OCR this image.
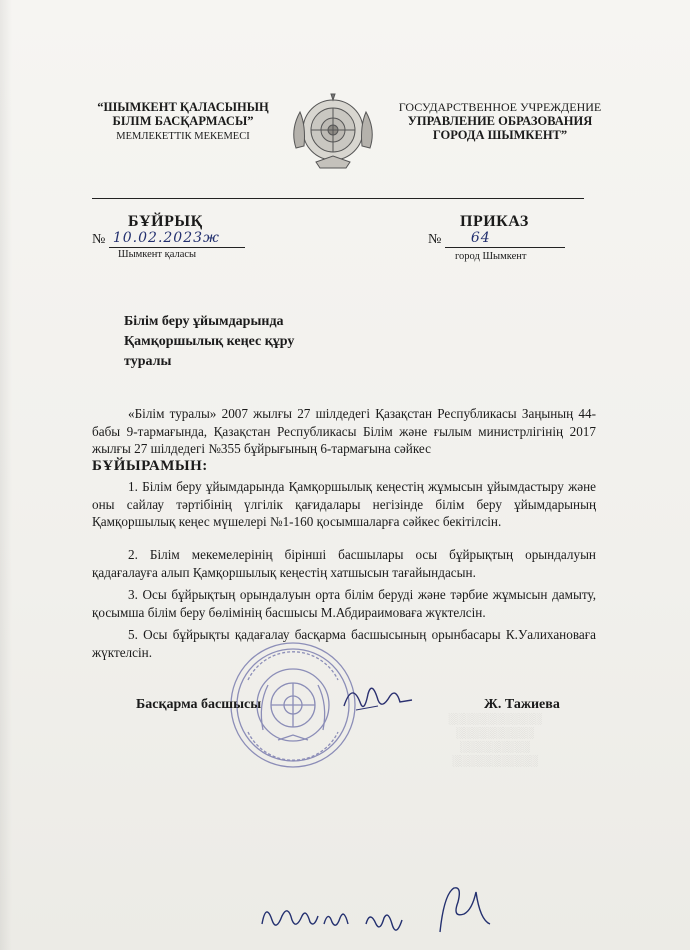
░░░░░░░░░░░░
░░░░░░░░░░
░░░░░░░░░
░░░░░░░░░░░
“ШЫМКЕНТ ҚАЛАСЫНЫҢ
БІЛІМ БАСҚАРМАСЫ”
МЕМЛЕКЕТТІК МЕКЕМЕСІ
ГОСУДАРСТВЕННОЕ УЧРЕЖДЕНИЕ
УПРАВЛЕНИЕ ОБРАЗОВАНИЯ
ГОРОДА ШЫМКЕНТ”
БҰЙРЫҚ	ПРИКАЗ
№ 10.02.2023ж	№ 64
Шымкент қаласы	город Шымкент
Білім беру ұйымдарында
Қамқоршылық кеңес құру
туралы
«Білім туралы» 2007 жылғы 27 шілдедегі Қазақстан Республикасы Заңының 44-бабы 9-тармағында, Қазақстан Республикасы Білім және ғылым министрлігінің 2017 жылғы 27 шілдедегі №355 бұйрығының 6-тармағына сәйкес
БҰЙЫРАМЫН:
1. Білім беру ұйымдарында Қамқоршылық кеңестің жұмысын ұйымдастыру және оны сайлау тәртібінің үлгілік қағидалары негізінде білім беру ұйымдарының Қамқоршылық кеңес мүшелері №1-160 қосымшаларға сәйкес бекітілсін.
2. Білім мекемелерінің бірінші басшылары осы бұйрықтың орындалуын қадағалауға алып Қамқоршылық кеңестің хатшысын тағайындасын.
3. Осы бұйрықтың орындалуын орта білім беруді және тәрбие жұмысын дамыту, қосымша білім беру бөлімінің басшысы М.Абдираимоваға жүктелсін.
5. Осы бұйрықты қадағалау басқарма басшысының орынбасары К.Уалихановаға жүктелсін.
Басқарма басшысы	Ж. Тажиева
